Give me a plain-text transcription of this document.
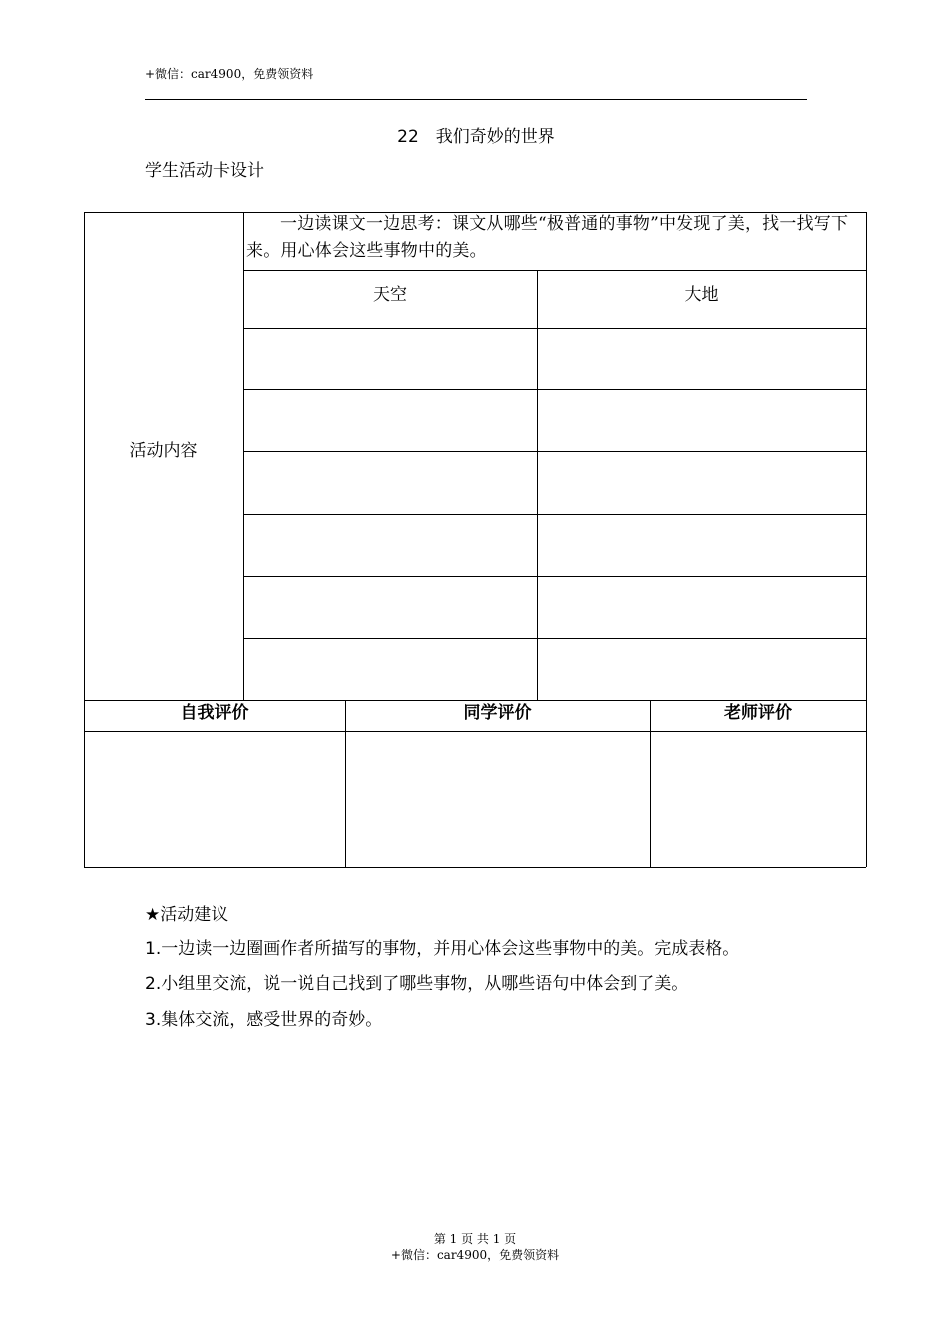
+微信：car4900，免费领资料
22　我们奇妙的世界
学生活动卡设计
活动内容
一边读课文一边思考：课文从哪些“极普通的事物”中发现了美，找一找写下来。用心体会这些事物中的美。
天空	大地
自我评价	同学评价	老师评价
★活动建议
1.一边读一边圈画作者所描写的事物，并用心体会这些事物中的美。完成表格。
2.小组里交流，说一说自己找到了哪些事物，从哪些语句中体会到了美。
3.集体交流，感受世界的奇妙。
第 1 页 共 1 页
+微信：car4900，免费领资料
